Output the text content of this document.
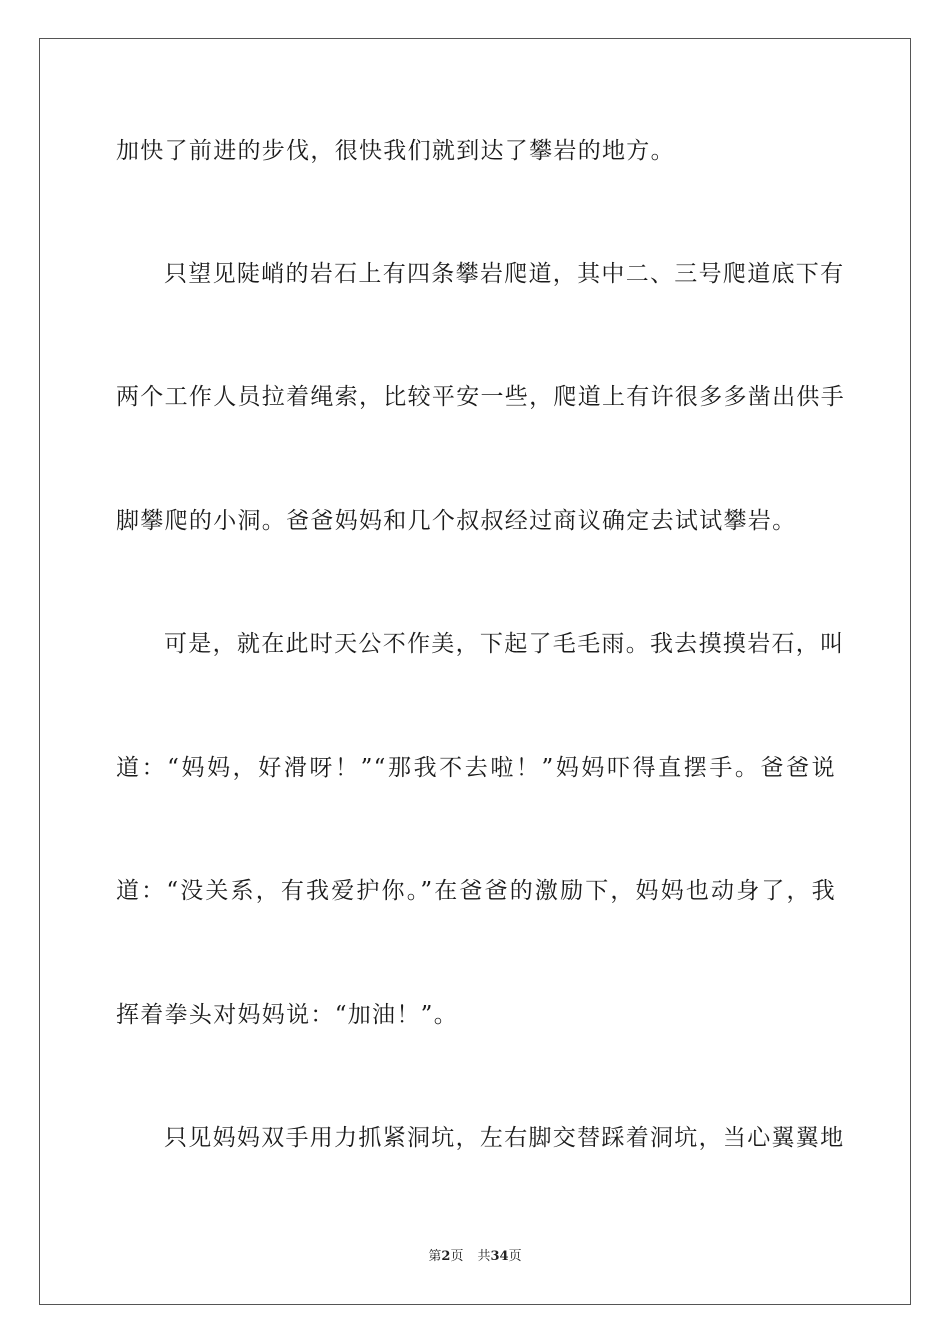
加快了前进的步伐，很快我们就到达了攀岩的地方。
只望见陡峭的岩石上有四条攀岩爬道，其中二、三号爬道底下有
两个工作人员拉着绳索，比较平安一些，爬道上有许很多多凿出供手
脚攀爬的小洞。爸爸妈妈和几个叔叔经过商议确定去试试攀岩。
可是，就在此时天公不作美，下起了毛毛雨。我去摸摸岩石，叫
道：“妈妈，好滑呀！”“那我不去啦！”妈妈吓得直摆手。爸爸说
道：“没关系，有我爱护你。”在爸爸的激励下，妈妈也动身了，我
挥着拳头对妈妈说：“加油！”。
只见妈妈双手用力抓紧洞坑，左右脚交替踩着洞坑，当心翼翼地
第2页 共34页
